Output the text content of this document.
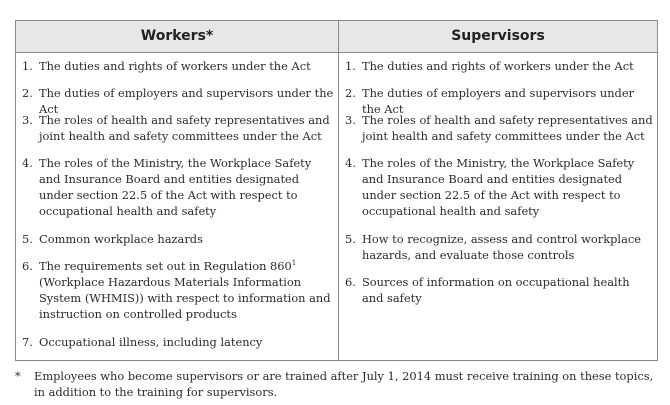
Workers*	Supervisors
1. The duties and rights of workers under the Act
2. The duties of employers and supervisors under the Act
3. The roles of health and safety representatives and joint health and safety committees under the Act
4. The roles of the Ministry, the Workplace Safety and Insurance Board and entities designated under section 22.5 of the Act with respect to occupational health and safety
5. Common workplace hazards
6. The requirements set out in Regulation $860^1$ (Workplace Hazardous Materials Information System (WHMIS)) with respect to information and instruction on controlled products
7. Occupational illness, including latency
1. The duties and rights of workers under the Act
2. The duties of employers and supervisors under the Act
3. The roles of health and safety representatives and joint health and safety committees under the Act
4. The roles of the Ministry, the Workplace Safety and Insurance Board and entities designated under section 22.5 of the Act with respect to occupational health and safety
5. How to recognize, assess and control workplace hazards, and evaluate those controls
6. Sources of information on occupational health and safety
* Employees who become supervisors or are trained after July 1, 2014 must receive training on these topics, in addition to the training for supervisors.
